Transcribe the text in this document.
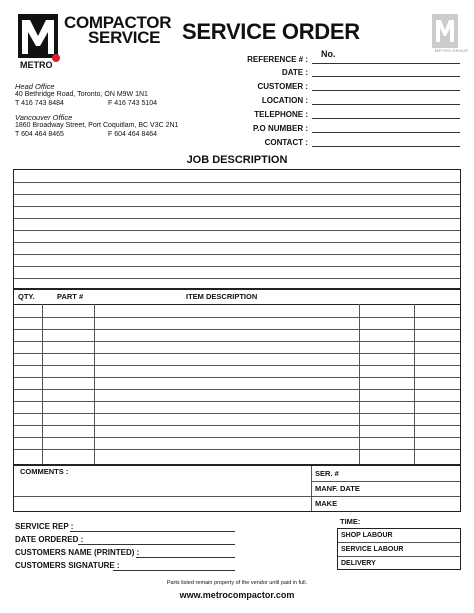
METRO
COMPACTOR
SERVICE SERVICE ORDER
METRO GROUP
Head Office
40 Bethridge Road, Toronto, ON M9W 1N1
T 416 743 8484	F 416 743 5104
Vancouver Office
1860 Broadway Street, Port Coquitlam, BC V3C 2N1
T 604 464 8465	F 604 464 8464
No.
REFERENCE # :
DATE :
CUSTOMER :
LOCATION :
TELEPHONE :
P.O NUMBER :
CONTACT :
JOB DESCRIPTION
QTY.	PART #	ITEM DESCRIPTION
COMMENTS :	SER. #
MANF. DATE
MAKE
SERVICE REP :
DATE ORDERED :
CUSTOMERS NAME (PRINTED) :
CUSTOMERS SIGNATURE :
TIME:
SHOP LABOUR
SERVICE LABOUR
DELIVERY
Parts listed remain property of the vendor until paid in full.
www.metrocompactor.com
